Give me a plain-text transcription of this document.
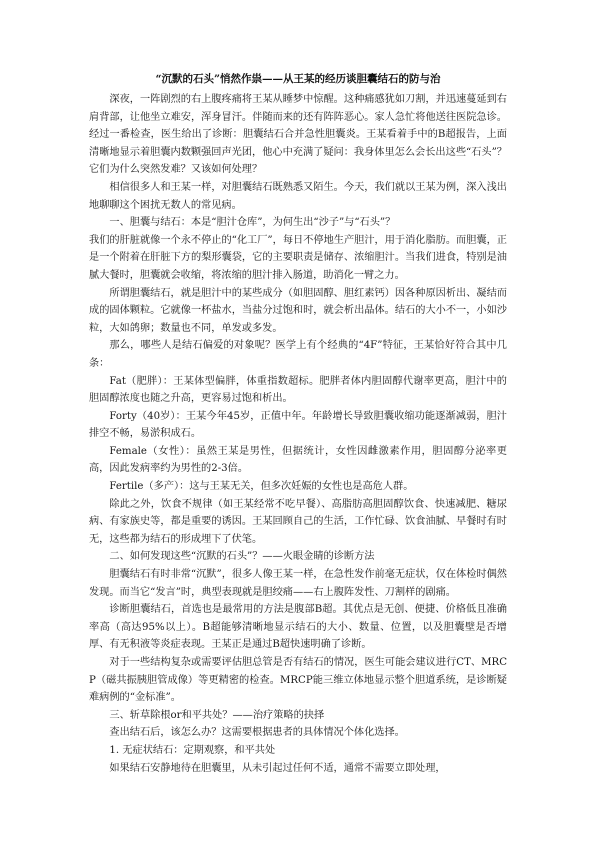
“沉默的石头”悄然作祟——从王某的经历谈胆囊结石的防与治

深夜，一阵剧烈的右上腹疼痛将王某从睡梦中惊醒。这种痛感犹如刀割，并迅速蔓延到右肩背部，让他坐立难安，浑身冒汗。伴随而来的还有阵阵恶心。家人急忙将他送往医院急诊。经过一番检查，医生给出了诊断：胆囊结石合并急性胆囊炎。王某看着手中的B超报告，上面清晰地显示着胆囊内数颗强回声光团，他心中充满了疑问：我身体里怎么会长出这些“石头”？它们为什么突然发难？又该如何处理？

相信很多人和王某一样，对胆囊结石既熟悉又陌生。今天，我们就以王某为例，深入浅出地聊聊这个困扰无数人的常见病。

一、胆囊与结石：本是“胆汁仓库”，为何生出“沙子”与“石头”？

我们的肝脏就像一个永不停止的“化工厂”，每日不停地生产胆汁，用于消化脂肪。而胆囊，正是一个附着在肝脏下方的梨形囊袋，它的主要职责是储存、浓缩胆汁。当我们进食，特别是油腻大餐时，胆囊就会收缩，将浓缩的胆汁排入肠道，助消化一臂之力。

所谓胆囊结石，就是胆汁中的某些成分（如胆固醇、胆红素钙）因各种原因析出、凝结而成的固体颗粒。它就像一杯盐水，当盐分过饱和时，就会析出晶体。结石的大小不一，小如沙粒，大如鸽卵；数量也不同，单发或多发。

那么，哪些人是结石偏爱的对象呢？医学上有个经典的“4F”特征，王某恰好符合其中几条：

Fat（肥胖）：王某体型偏胖，体重指数超标。肥胖者体内胆固醇代谢率更高，胆汁中的胆固醇浓度也随之升高，更容易过饱和析出。

Forty（40岁）：王某今年45岁，正值中年。年龄增长导致胆囊收缩功能逐渐减弱，胆汁排空不畅，易淤积成石。

Female（女性）：虽然王某是男性，但据统计，女性因雌激素作用，胆固醇分泌率更高，因此发病率约为男性的2-3倍。

Fertile（多产）：这与王某无关，但多次妊娠的女性也是高危人群。

除此之外，饮食不规律（如王某经常不吃早餐）、高脂肪高胆固醇饮食、快速减肥、糖尿病、有家族史等，都是重要的诱因。王某回顾自己的生活，工作忙碌、饮食油腻、早餐时有时无，这些都为结石的形成埋下了伏笔。

二、如何发现这些“沉默的石头”？——火眼金睛的诊断方法

胆囊结石有时非常“沉默”，很多人像王某一样，在急性发作前毫无症状，仅在体检时偶然发现。而当它“发言”时，典型表现就是胆绞痛——右上腹阵发性、刀割样的剧痛。

诊断胆囊结石，首选也是最常用的方法是腹部B超。其优点是无创、便捷、价格低且准确率高（高达95%以上）。B超能够清晰地显示结石的大小、数量、位置，以及胆囊壁是否增厚、有无积液等炎症表现。王某正是通过B超快速明确了诊断。

对于一些结构复杂或需要评估胆总管是否有结石的情况，医生可能会建议进行CT、MRCP（磁共振胰胆管成像）等更精密的检查。MRCP能三维立体地显示整个胆道系统，是诊断疑难病例的“金标准”。

三、斩草除根or和平共处？——治疗策略的抉择

查出结石后，该怎么办？这需要根据患者的具体情况个体化选择。

1. 无症状结石：定期观察，和平共处

如果结石安静地待在胆囊里，从未引起过任何不适，通常不需要立即处理，
